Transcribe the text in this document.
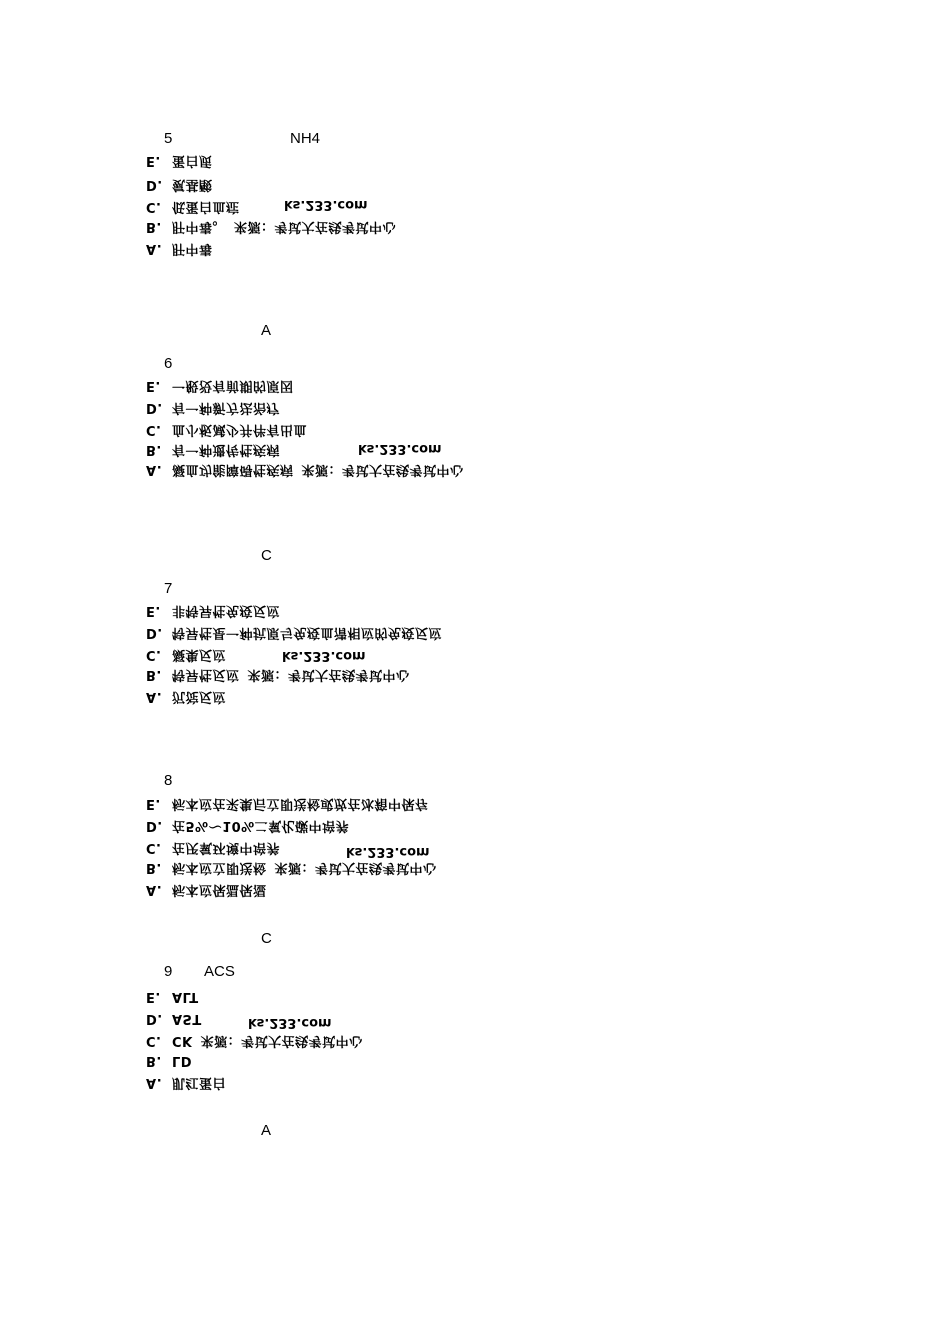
5	NH4
E. 蛋白质
D. 氨基酸
C. 低蛋白血症
B. 肝中毒。 来源：考试大在线考试中心
A. 肝中毒
ks.233.com
A
6
E. 一般没有前期的原因
D. 有一种新方法治疗
C. 血小板减少并伴有出血
B. 有一种遗传性疾病
A. 凝血功能障碍性疾病 来源：考试大在线考试中心
ks.233.com
C
7
E. 非特异性免疫反应
D. 特异性是一种抗原与免疫血清相应的免疫反应
C. 凝集反应
B. 特异性反应 来源：考试大在线考试中心
A. 沉淀反应
ks.233.com
8
E. 标本应在采集后立即送检或放在冰箱中保存
D. 在5%～10%二氧化碳中培养
C. 在厌氧环境中培养
B. 标本应立即送检 来源：考试大在线考试中心
A. 标本应保温保湿
ks.233.com
C
9 ACS
E. ALT
D. AST
C. CK 来源：考试大在线考试中心
B. LD
A. 肌红蛋白
ks.233.com
A
